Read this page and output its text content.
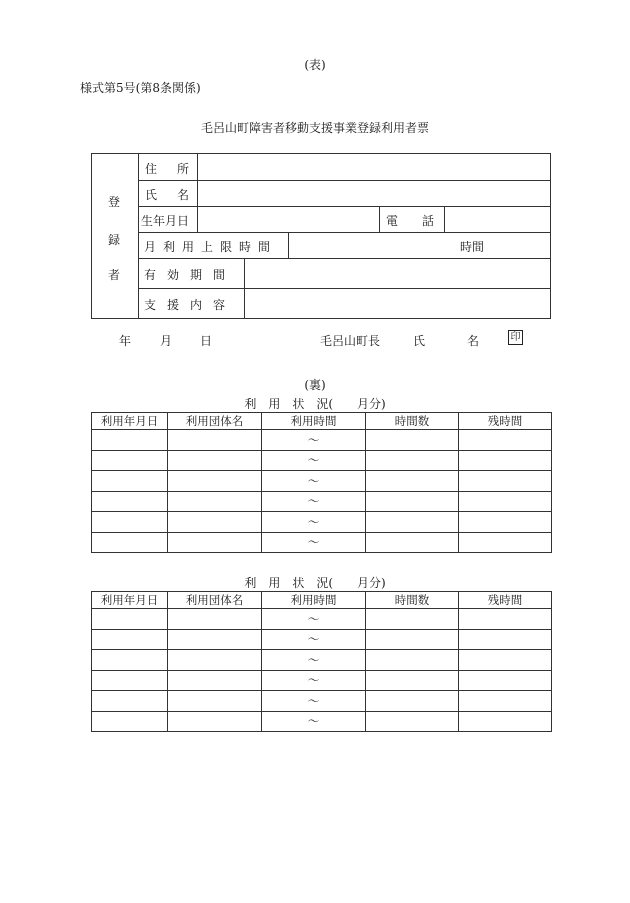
(表)
様式第5号(第8条関係)
毛呂山町障害者移動支援事業登録利用者票
登
録
者
住　所
氏　名
生年月日	電　　話
月利用上限時間	時間
有効期間
支援内容
年 月 日	毛呂山町長	氏	名	印
(裏)
利　用　状　況(　　月分)
利用年月日	利用団体名	利用時間	時間数	残時間
		～		
		～		
		～		
		～		
		～		
		～		
利　用　状　況(　　月分)
利用年月日	利用団体名	利用時間	時間数	残時間
		～		
		～		
		～		
		～		
		～		
		～		
